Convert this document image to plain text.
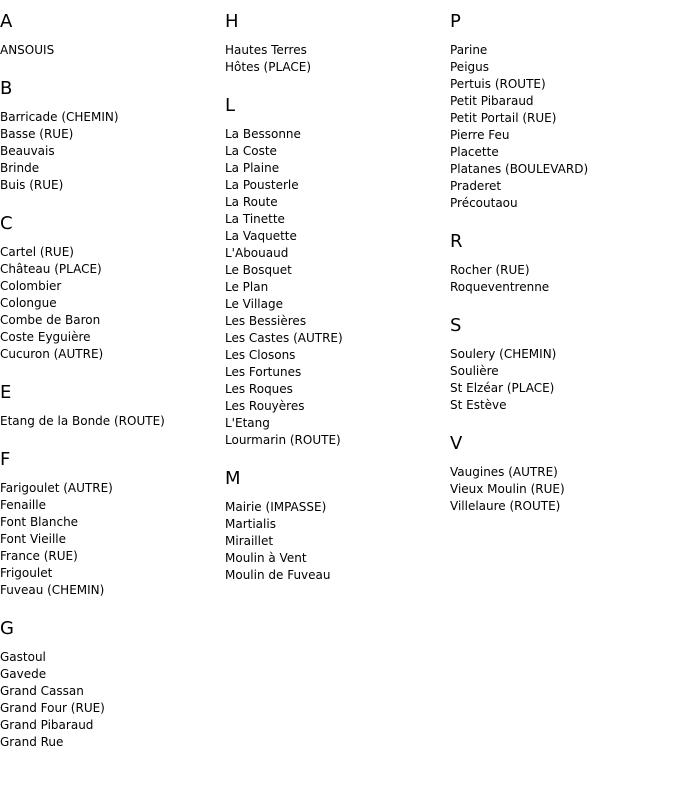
A
ANSOUIS
B
Barricade (CHEMIN)
Basse (RUE)
Beauvais
Brinde
Buis (RUE)
C
Cartel (RUE)
Château (PLACE)
Colombier
Colongue
Combe de Baron
Coste Eyguière
Cucuron (AUTRE)
E
Etang de la Bonde (ROUTE)
F
Farigoulet (AUTRE)
Fenaille
Font Blanche
Font Vieille
France (RUE)
Frigoulet
Fuveau (CHEMIN)
G
Gastoul
Gavede
Grand Cassan
Grand Four (RUE)
Grand Pibaraud
Grand Rue
H
Hautes Terres
Hôtes (PLACE)
L
La Bessonne
La Coste
La Plaine
La Pousterle
La Route
La Tinette
La Vaquette
L'Abouaud
Le Bosquet
Le Plan
Le Village
Les Bessières
Les Castes (AUTRE)
Les Closons
Les Fortunes
Les Roques
Les Rouyères
L'Etang
Lourmarin (ROUTE)
M
Mairie (IMPASSE)
Martialis
Miraillet
Moulin à Vent
Moulin de Fuveau
P
Parine
Peigus
Pertuis (ROUTE)
Petit Pibaraud
Petit Portail (RUE)
Pierre Feu
Placette
Platanes (BOULEVARD)
Praderet
Précoutaou
R
Rocher (RUE)
Roqueventrenne
S
Soulery (CHEMIN)
Soulière
St Elzéar (PLACE)
St Estève
V
Vaugines (AUTRE)
Vieux Moulin (RUE)
Villelaure (ROUTE)
